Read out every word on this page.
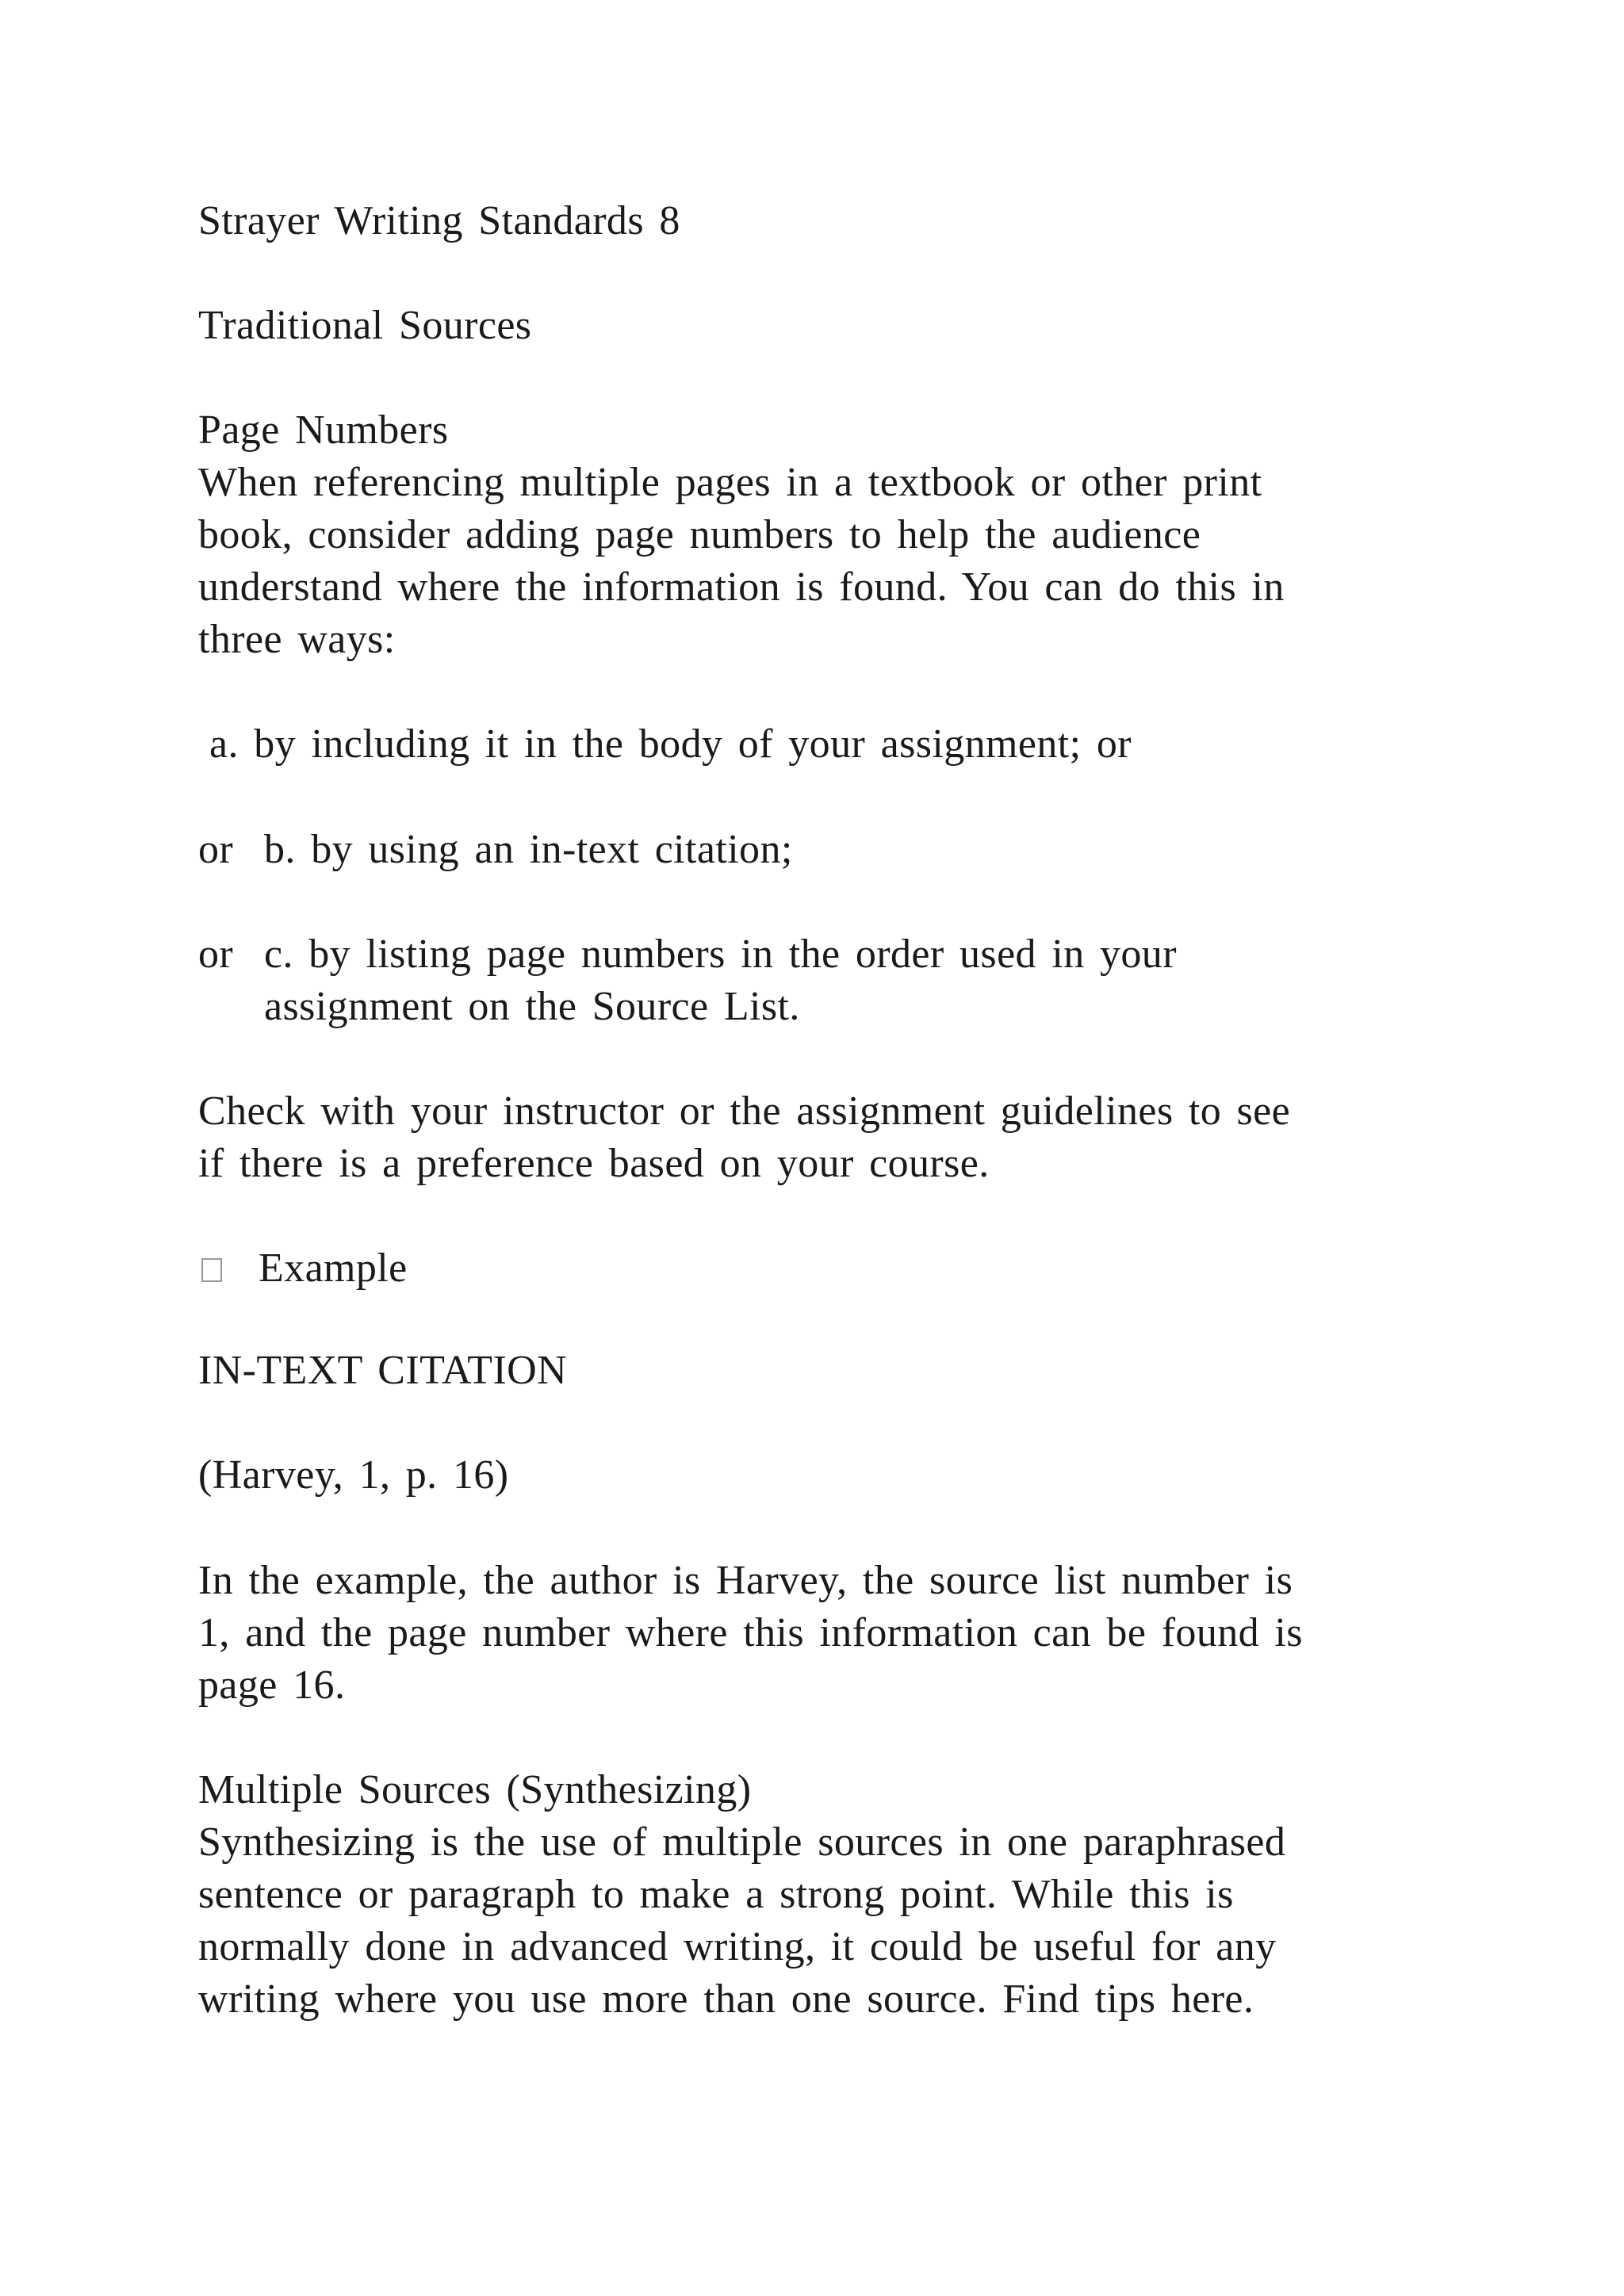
Strayer Writing Standards 8
Traditional Sources
Page Numbers
When referencing multiple pages in a textbook or other print
book, consider adding page numbers to help the audience
understand where the information is found. You can do this in
three ways:
a. by including it in the body of your assignment; or
or b. by using an in-text citation;
or c. by listing page numbers in the order used in your
assignment on the Source List.
Check with your instructor or the assignment guidelines to see
if there is a preference based on your course.
Example
IN-TEXT CITATION
(Harvey, 1, p. 16)
In the example, the author is Harvey, the source list number is
1, and the page number where this information can be found is
page 16.
Multiple Sources (Synthesizing)
Synthesizing is the use of multiple sources in one paraphrased
sentence or paragraph to make a strong point. While this is
normally done in advanced writing, it could be useful for any
writing where you use more than one source. Find tips here.
